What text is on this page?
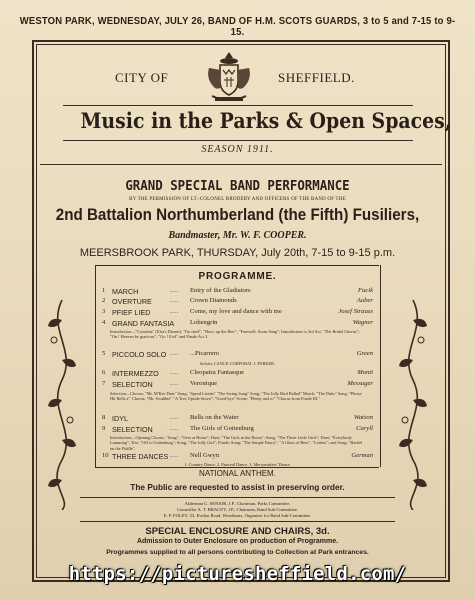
WESTON PARK, WEDNESDAY, JULY 26, BAND OF H.M. SCOTS GUARDS, 3 to 5 and 7-15 to 9-15.
CITY OF	SHEFFIELD.
Music in the Parks & Open Spaces,
SEASON 1911.
GRAND SPECIAL BAND PERFORMANCE
BY THE PERMISSION OF LT.-COLONEL BRODERY AND OFFICERS OF THE BAND OF THE
2nd Battalion Northumberland (the Fifth) Fusiliers,
Bandmaster, Mr. W. F. COOPER.
MEERSBROOK PARK, THURSDAY, July 20th, 7-15 to 9-15 p.m.
PROGRAMME.
1 MARCH	.... Entry of the Gladiators	Fucik
2 OVERTURE	.... Crown Diamonds	Auber
3 PFIEF LIED	.... Come, my love and dance with me	Josef Strauss
4 GRAND FANTASIA Lohengrin	Wagner
Introduction—"Cavatina" (Elsa's Dream); "I'm tired"; "Here, up the Bier"; "Farewell, Swan Song"; Introduction to 3rd Act; "The Bridal Chorus"; "On ! Heaven be gracious"; "Go ! Evil" and Finale Act 2.
5 PICCOLO SOLO .... ...Picarrero	Green
Soloist, LANCE-CORPORAL J. PARKER.
6 INTERMEZZO .... Cleopatra Fantasque	Monti
7 SELECTION	.... Veronique	Messager
Selection—Chorus; "Mr. M'Kee Dear" Song; "Speed Lizette" "The Swing Song" Song; "The Jolly Bird Ballad" March; "The Dubs" Song; "Please Hit Bells a'" Chorus; "Mr. Swabbie" "A Tree Upside-down"; "Good-bye" Scene; "Plenty and to" "Chorus from Finale III."
8 IDYL	.... Bells on the Water	Watson
9 SELECTION	.... The Girls of Gottenburg	Caryll
Introduction—Opening Chorus; "Song"; "Over at Home"; Duet; "The Girls in the Room"; Song; "The Three Little Girls"; Duet; "Everybody Lumming"; Trio; "Off to Gottenburg"; Song; "The Jolly Girl"; Finale; Song; "The Simple Fancy"; "A Glass of Beer"; "Letters"; and Song; "Rachel on the Fiddle".
10 THREE DANCES .... Nell Gwyn	German
1. Country Dance. 2. Pastoral Dance. 3. Merrymakers' Dance.
NATIONAL ANTHEM.
The Public are requested to assist in preserving order.
Alderman G. SENIOR, J.P., Chairman, Parks Committee.
Councillor A. T. BRACEY, J.P., Chairman, Band Sub-Committee.
E. P. FOLEY, 33, Evelyn Road, Woodseats, Organiser for Band Sub-Committee.
SPECIAL ENCLOSURE AND CHAIRS, 3d.
Admission to Outer Enclosure on production of Programme.
Programmes supplied to all persons contributing to Collection at Park entrances.
https://picturesheffield.com/
